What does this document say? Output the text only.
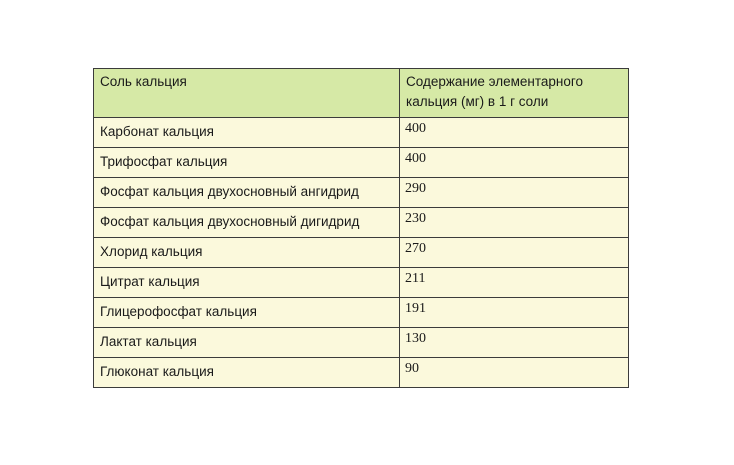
Соль кальция	Содержание элементарного кальция (мг) в 1 г соли
Карбонат кальция	400
Трифосфат кальция	400
Фосфат кальция двухосновный ангидрид	290
Фосфат кальция двухосновный дигидрид	230
Хлорид кальция	270
Цитрат кальция	211
Глицерофосфат кальция	191
Лактат кальция	130
Глюконат кальция	90
